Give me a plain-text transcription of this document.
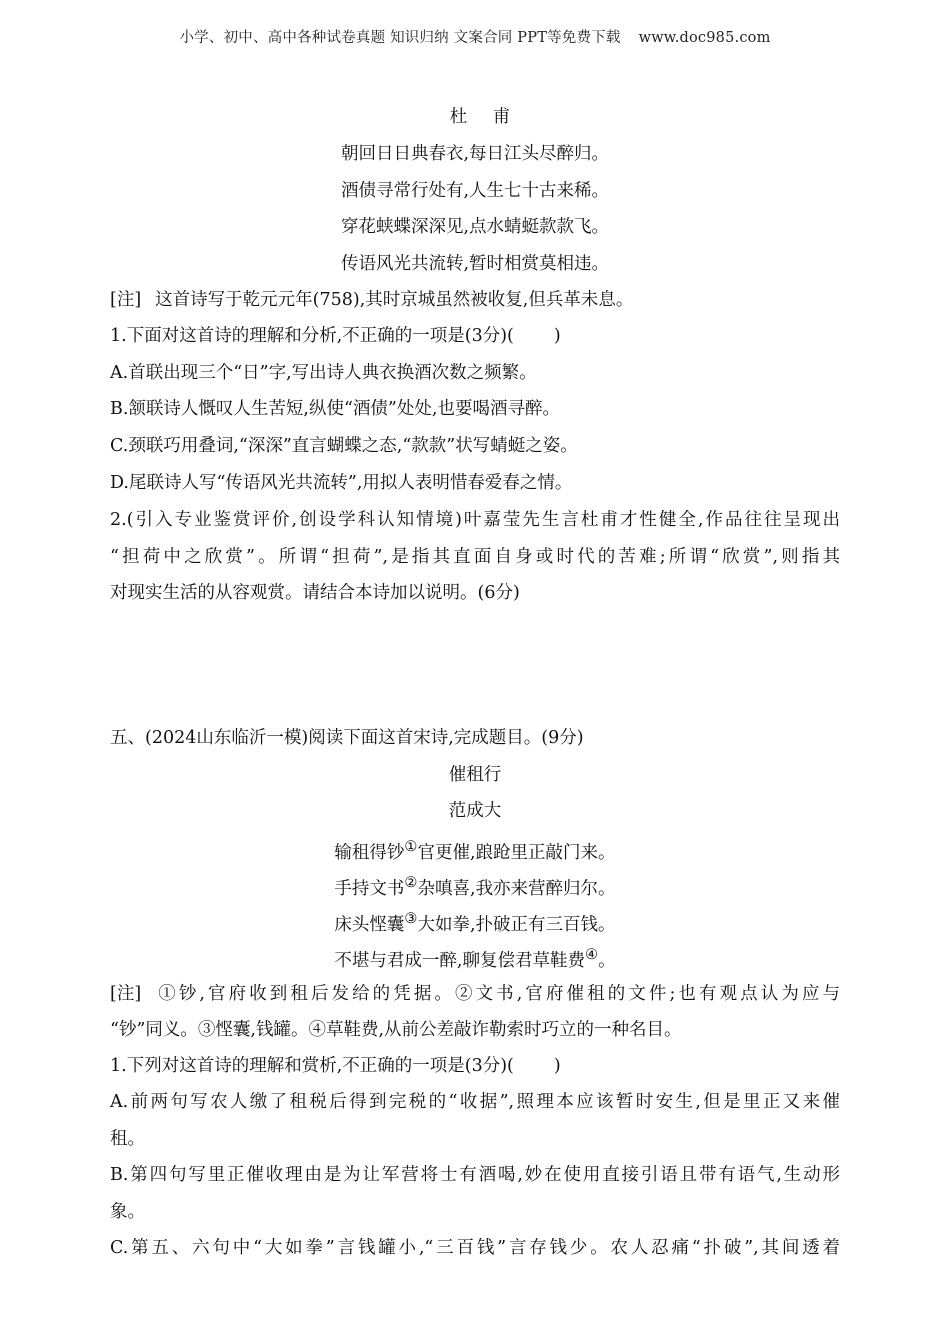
小学、初中、高中各种试卷真题 知识归纳 文案合同 PPT等免费下载 www.doc985.com
杜 甫
朝回日日典春衣,每日江头尽醉归。
酒债寻常行处有,人生七十古来稀。
穿花蛱蝶深深见,点水蜻蜓款款飞。
传语风光共流转,暂时相赏莫相违。
[注] 这首诗写于乾元元年(758),其时京城虽然被收复,但兵革未息。
1.下面对这首诗的理解和分析,不正确的一项是(3分)( )
A.首联出现三个“日”字,写出诗人典衣换酒次数之频繁。
B.颔联诗人慨叹人生苦短,纵使“酒债”处处,也要喝酒寻醉。
C.颈联巧用叠词,“深深”直言蝴蝶之态,“款款”状写蜻蜓之姿。
D.尾联诗人写“传语风光共流转”,用拟人表明惜春爱春之情。
2.(引入专业鉴赏评价,创设学科认知情境)叶嘉莹先生言杜甫才性健全,作品往往呈现出
“担荷中之欣赏”。所谓“担荷”,是指其直面自身或时代的苦难;所谓“欣赏”,则指其
对现实生活的从容观赏。请结合本诗加以说明。(6分)
五、(2024山东临沂一模)阅读下面这首宋诗,完成题目。(9分)
催租行
范成大
输租得钞①官更催,踉跄里正敲门来。
手持文书②杂嗔喜,我亦来营醉归尔。
床头悭囊③大如拳,扑破正有三百钱。
不堪与君成一醉,聊复偿君草鞋费④。
[注] ①钞,官府收到租后发给的凭据。②文书,官府催租的文件;也有观点认为应与
“钞”同义。③悭囊,钱罐。④草鞋费,从前公差敲诈勒索时巧立的一种名目。
1.下列对这首诗的理解和赏析,不正确的一项是(3分)( )
A.前两句写农人缴了租税后得到完税的“收据”,照理本应该暂时安生,但是里正又来催
租。
B.第四句写里正催收理由是为让军营将士有酒喝,妙在使用直接引语且带有语气,生动形
象。
C.第五、六句中“大如拳”言钱罐小,“三百钱”言存钱少。农人忍痛“扑破”,其间透着
